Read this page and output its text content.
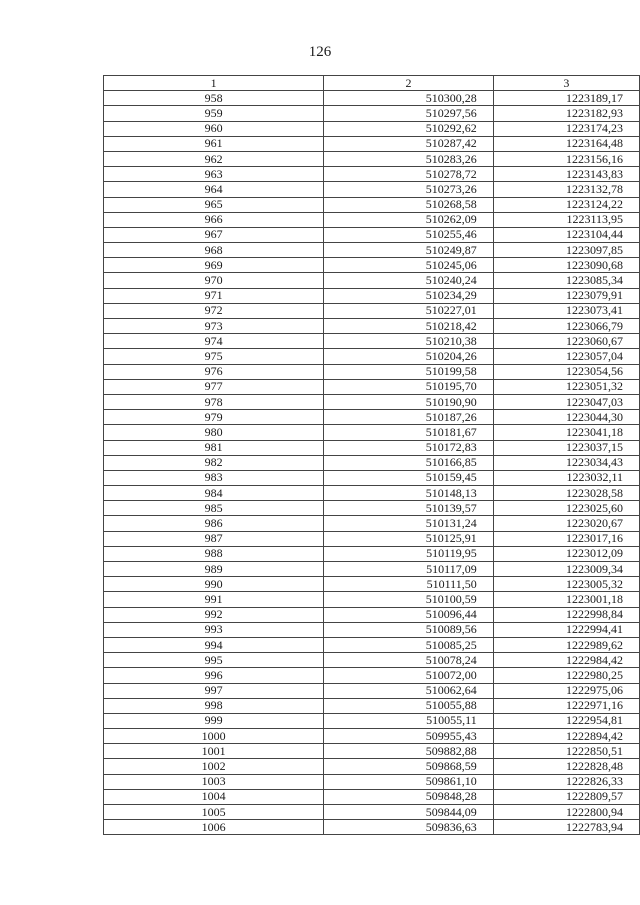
126
1	2	3
958	510300,28	1223189,17
959	510297,56	1223182,93
960	510292,62	1223174,23
961	510287,42	1223164,48
962	510283,26	1223156,16
963	510278,72	1223143,83
964	510273,26	1223132,78
965	510268,58	1223124,22
966	510262,09	1223113,95
967	510255,46	1223104,44
968	510249,87	1223097,85
969	510245,06	1223090,68
970	510240,24	1223085,34
971	510234,29	1223079,91
972	510227,01	1223073,41
973	510218,42	1223066,79
974	510210,38	1223060,67
975	510204,26	1223057,04
976	510199,58	1223054,56
977	510195,70	1223051,32
978	510190,90	1223047,03
979	510187,26	1223044,30
980	510181,67	1223041,18
981	510172,83	1223037,15
982	510166,85	1223034,43
983	510159,45	1223032,11
984	510148,13	1223028,58
985	510139,57	1223025,60
986	510131,24	1223020,67
987	510125,91	1223017,16
988	510119,95	1223012,09
989	510117,09	1223009,34
990	510111,50	1223005,32
991	510100,59	1223001,18
992	510096,44	1222998,84
993	510089,56	1222994,41
994	510085,25	1222989,62
995	510078,24	1222984,42
996	510072,00	1222980,25
997	510062,64	1222975,06
998	510055,88	1222971,16
999	510055,11	1222954,81
1000	509955,43	1222894,42
1001	509882,88	1222850,51
1002	509868,59	1222828,48
1003	509861,10	1222826,33
1004	509848,28	1222809,57
1005	509844,09	1222800,94
1006	509836,63	1222783,94
